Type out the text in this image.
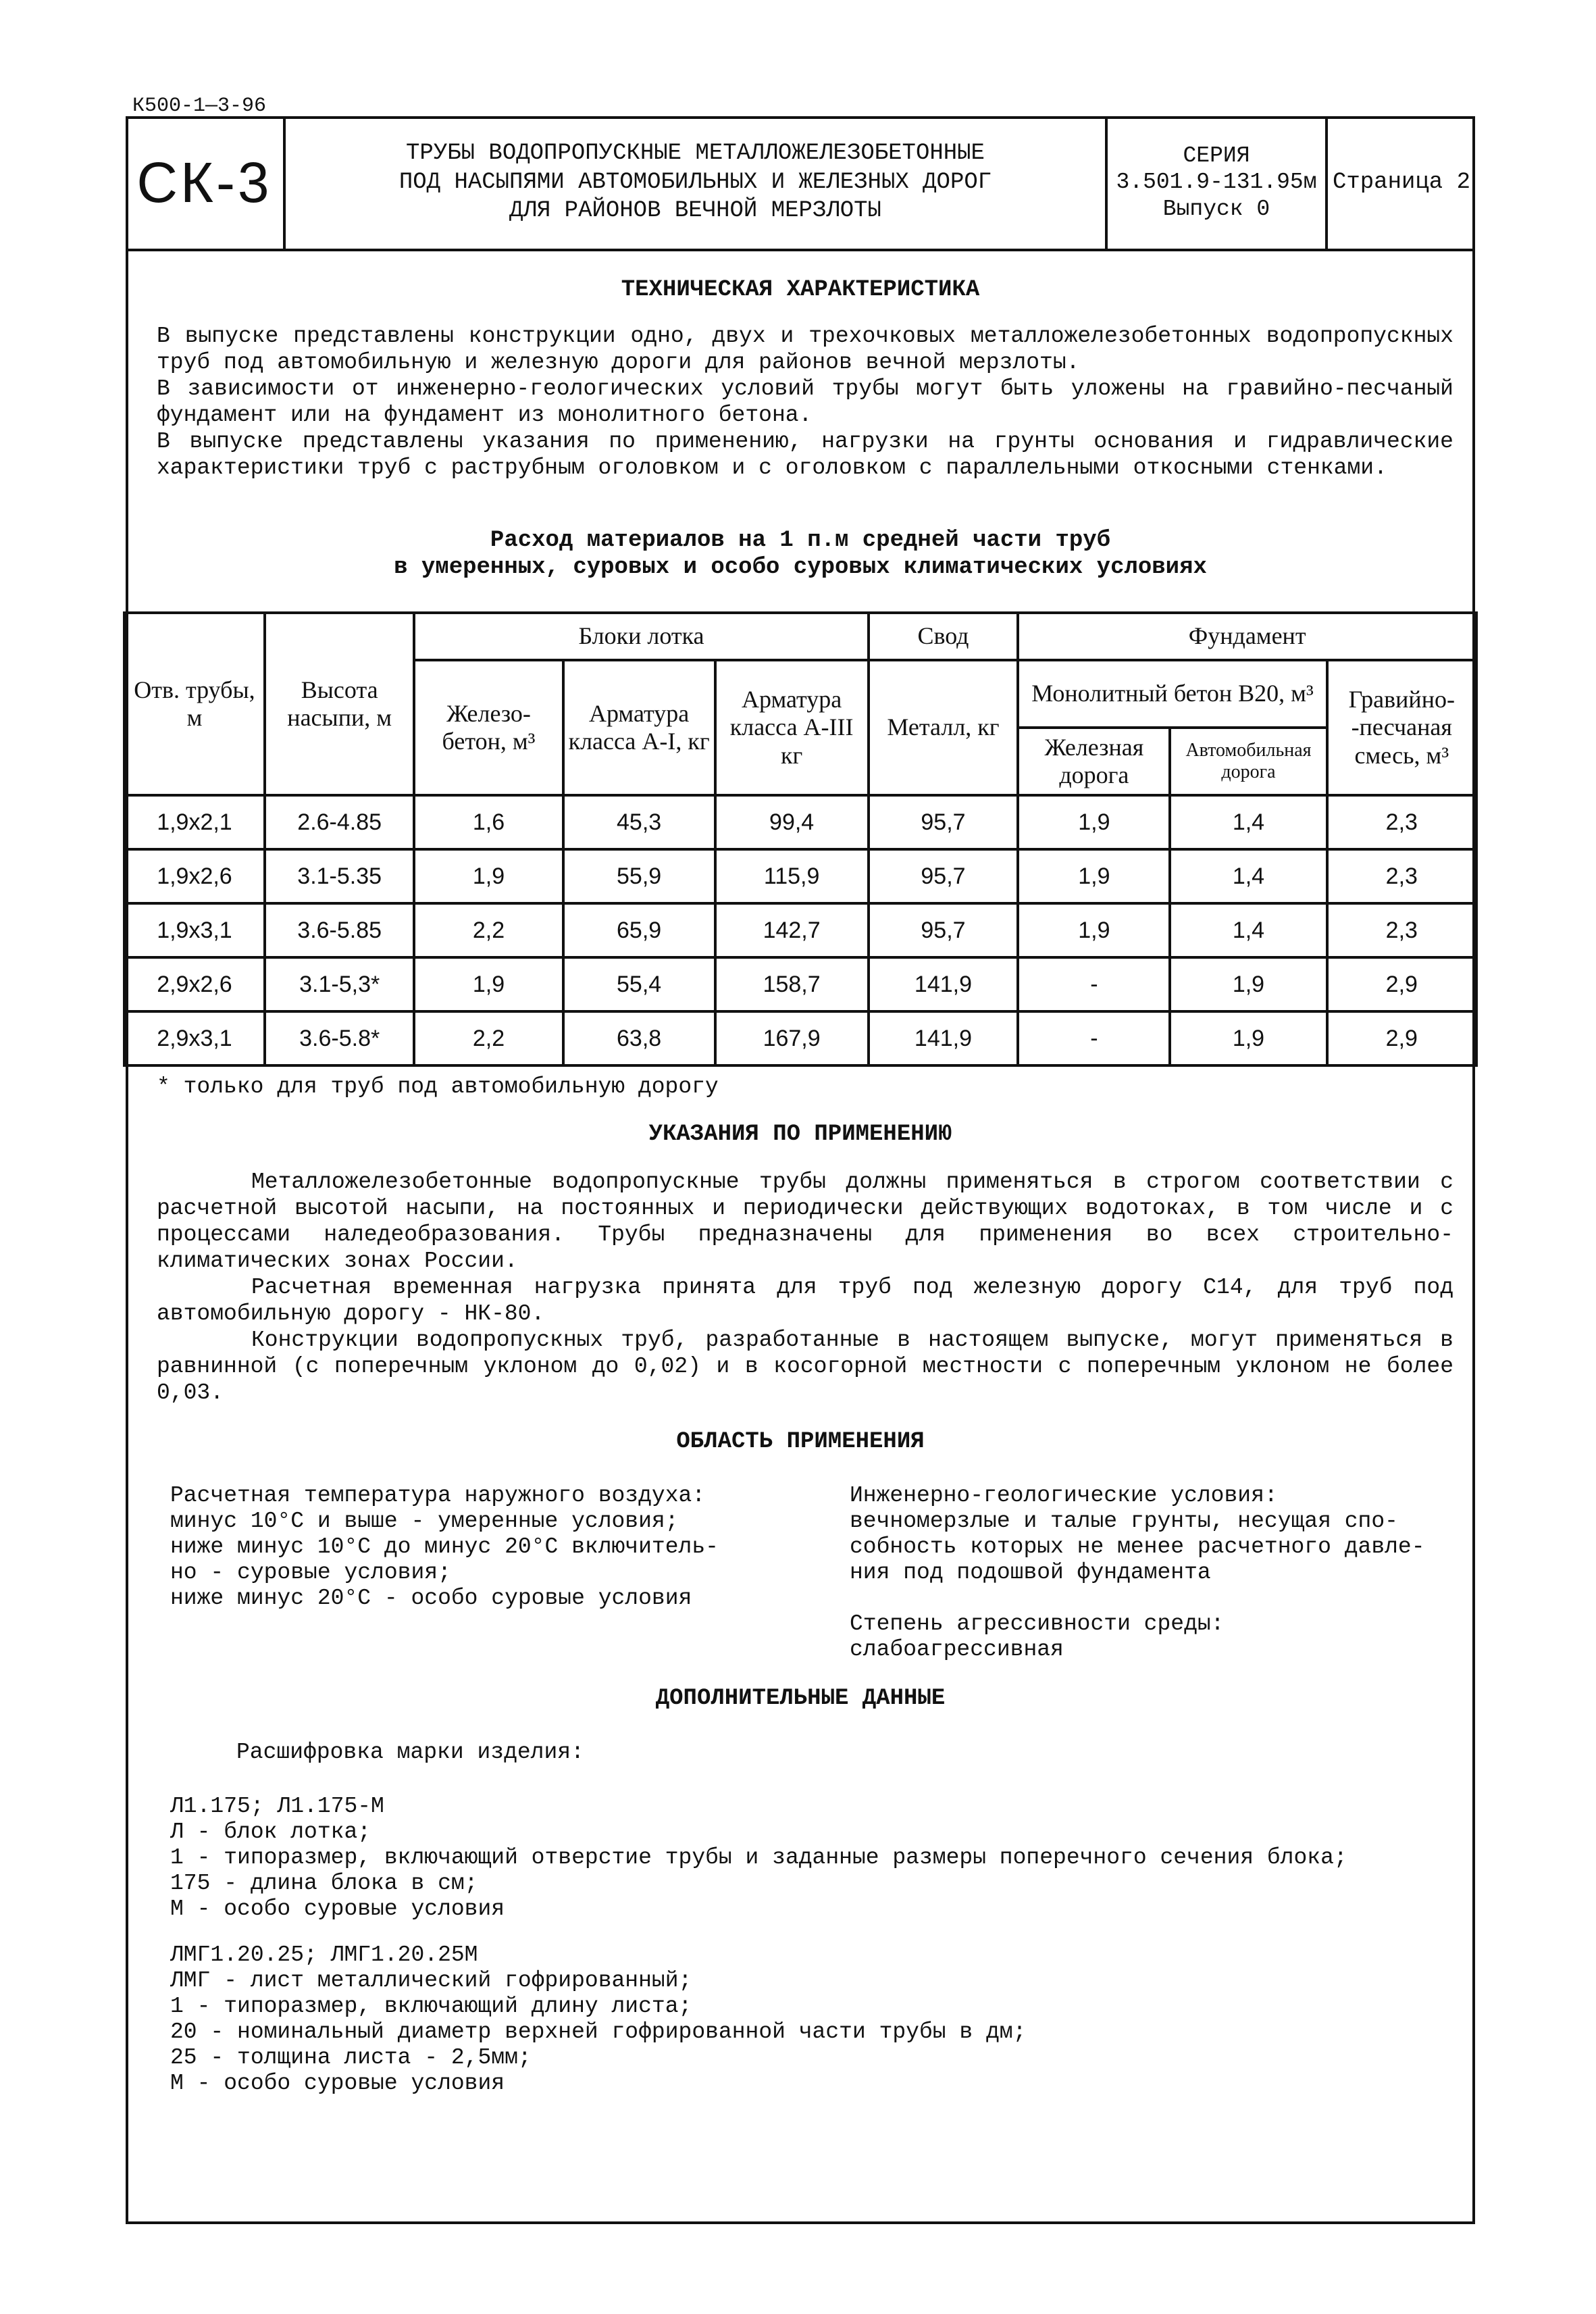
К500-1—3-96
СК-3	ТРУБЫ ВОДОПРОПУСКНЫЕ МЕТАЛЛОЖЕЛЕЗОБЕТОННЫЕ
ПОД НАСЫПЯМИ АВТОМОБИЛЬНЫХ И ЖЕЛЕЗНЫХ ДОРОГ
ДЛЯ РАЙОНОВ ВЕЧНОЙ МЕРЗЛОТЫ
СЕРИЯ
3.501.9-131.95м
Выпуск 0
Страница 2
ТЕХНИЧЕСКАЯ ХАРАКТЕРИСТИКА

В выпуске представлены конструкции одно, двух и трехочковых металложелезобетонных водопропускных труб под автомобильную и железную дороги для районов вечной мерзлоты.

В зависимости от инженерно-геологических условий трубы могут быть уложены на гравийно-песчаный фундамент или на фундамент из монолитного бетона.

В выпуске представлены указания по применению, нагрузки на грунты основания и гидравлические характеристики труб с раструбным оголовком и с оголовком с параллельными откосными стенками.

Расход материалов на 1 п.м средней части труб
в умеренных, суровых и особо суровых климатических условиях
Отв. трубы, м	Высота насыпи, м	Блоки лотка			Свод	Фундамент		
		Железо- бетон, м³	Арматура класса А-I, кг	Арматура класса А-III кг	Металл, кг	Монолитный бетон В20, м³		Гравийно- -песчаная смесь, м³
						Железная дорога	Автомобильная дорога	
1,9x2,1	2.6-4.85	1,6	45,3	99,4	95,7	1,9	1,4	2,3
1,9x2,6	3.1-5.35	1,9	55,9	115,9	95,7	1,9	1,4	2,3
1,9x3,1	3.6-5.85	2,2	65,9	142,7	95,7	1,9	1,4	2,3
2,9x2,6	3.1-5,3*	1,9	55,4	158,7	141,9	-	1,9	2,9
2,9x3,1	3.6-5.8*	2,2	63,8	167,9	141,9	-	1,9	2,9
* только для труб под автомобильную дорогу
УКАЗАНИЯ ПО ПРИМЕНЕНИЮ

Металложелезобетонные водопропускные трубы должны применяться в строгом соответствии с расчетной высотой насыпи, на постоянных и периодически действующих водотоках, в том числе и с процессами наледеобразования. Трубы предназначены для применения во всех строительно-климатических зонах России.

Расчетная временная нагрузка принята для труб под железную дорогу С14, для труб под автомобильную дорогу - НК-80.

Конструкции водопропускных труб, разработанные в настоящем выпуске, могут применяться в равнинной (с поперечным уклоном до 0,02) и в косогорной местности с поперечным уклоном не более 0,03.

ОБЛАСТЬ ПРИМЕНЕНИЯ
Расчетная температура наружного воздуха:
минус 10°С и выше - умеренные условия;
ниже минус 10°С до минус 20°С включитель-
но - суровые условия;
ниже минус 20°С - особо суровые условия
Инженерно-геологические условия:
вечномерзлые и талые грунты, несущая спо-
собность которых не менее расчетного давле-
ния под подошвой фундамента
Степень агрессивности среды:
слабоагрессивная
ДОПОЛНИТЕЛЬНЫЕ ДАННЫЕ
Расшифровка марки изделия:
Л1.175; Л1.175-М
Л - блок лотка;
1 - типоразмер, включающий отверстие трубы и заданные размеры поперечного сечения блока;
175 - длина блока в см;
М - особо суровые условия
ЛМГ1.20.25; ЛМГ1.20.25М
ЛМГ - лист металлический гофрированный;
1 - типоразмер, включающий длину листа;
20 - номинальный диаметр верхней гофрированной части трубы в дм;
25 - толщина листа - 2,5мм;
М - особо суровые условия
